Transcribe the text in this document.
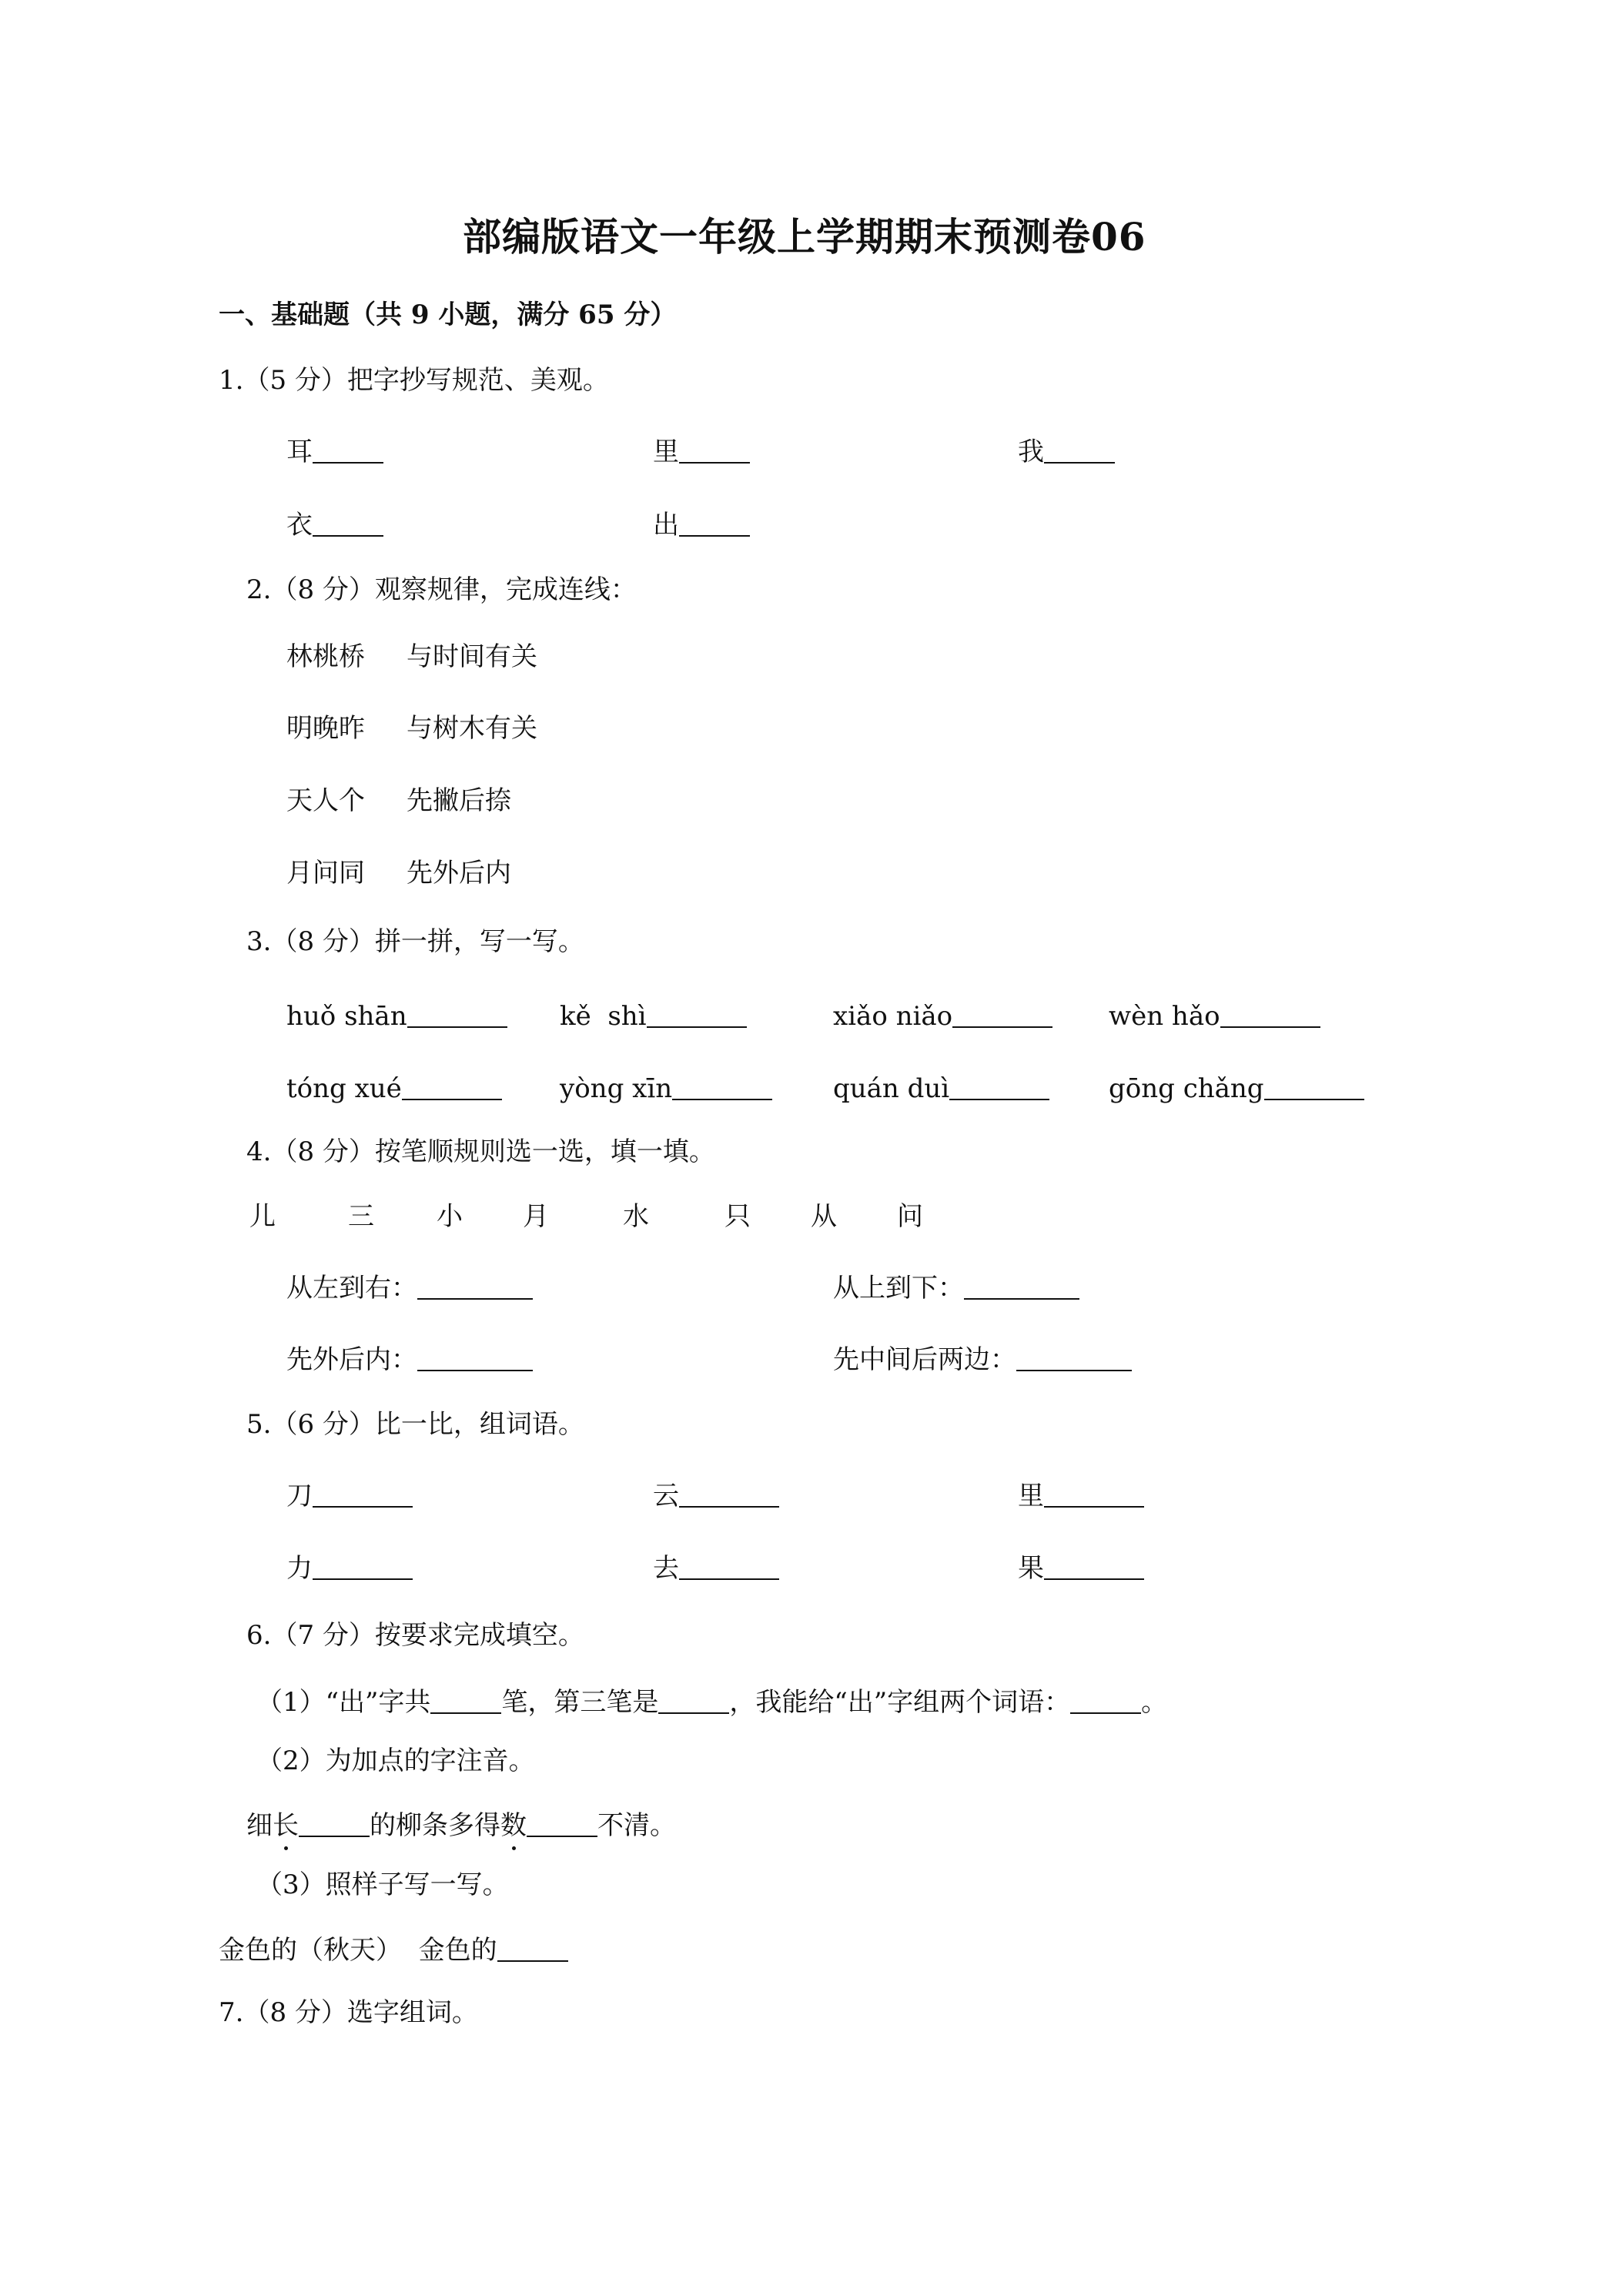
部编版语文一年级上学期期末预测卷06
一、基础题（共 9 小题，满分 65 分）
1.（5 分）把字抄写规范、美观。
耳	里	我
衣	出
2.（8 分）观察规律，完成连线：
林桃桥 与时间有关
明晚昨 与树木有关
天人个 先撇后捺
月问同 先外后内
3.（8 分）拼一拼，写一写。
huǒ shān	kě  shì	xiǎo niǎo	wèn hǎo
tóng xué	yòng xīn	quán duì	gōng chǎng
4.（8 分）按笔顺规则选一选，填一填。
儿	三 小 月	水	只 从 问
从左到右：	从上到下：
先外后内：	先中间后两边：
5.（6 分）比一比，组词语。
刀	云	里
力	去	果
6.（7 分）按要求完成填空。
（1）“出”字共	笔，第三笔是	，我能给“出”字组两个词语：	。
（2）为加点的字注音。
细长	的柳条多得数	不清。
（3）照样子写一写。
金色的（秋天）  金色的
7.（8 分）选字组词。
